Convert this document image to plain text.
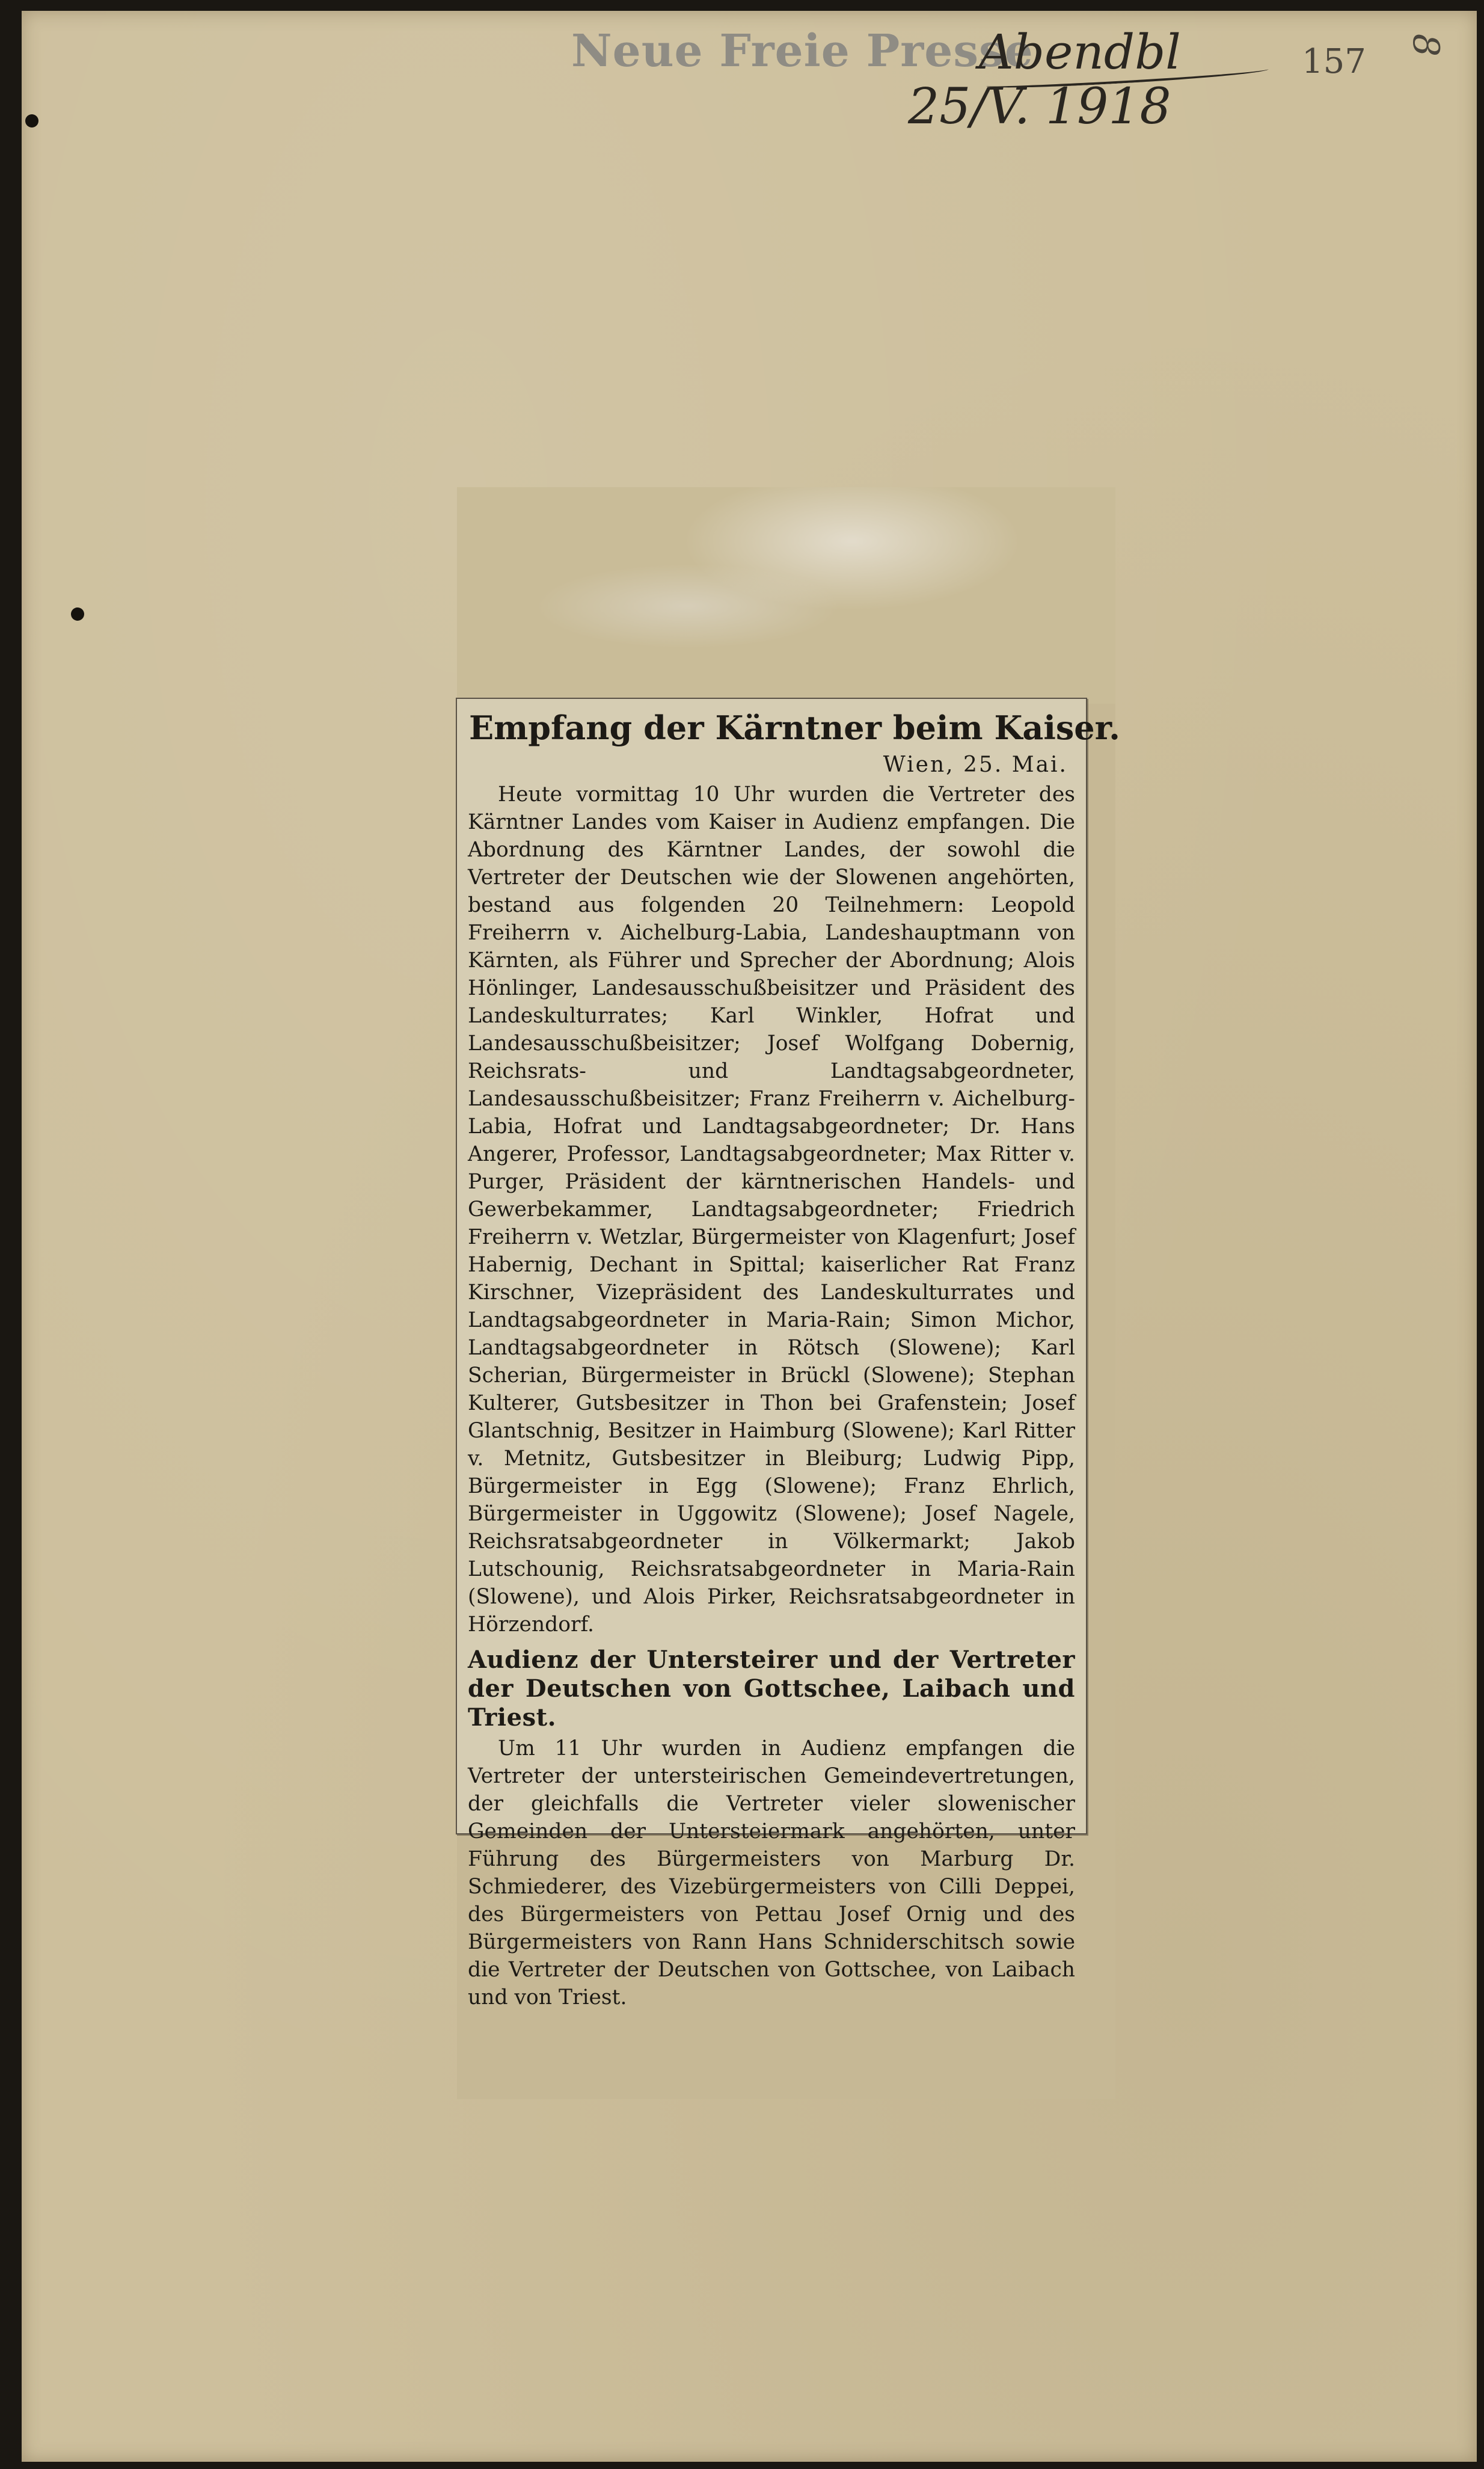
Neue Freie Presse
Abendbl
25/V. 1918
157 8
Empfang der Kärntner beim Kaiser.
Wien, 25. Mai.
Heute vormittag 10 Uhr wurden die Vertreter des Kärntner Landes vom Kaiser in Audienz empfangen. Die Abordnung des Kärntner Landes, der sowohl die Vertreter der Deutschen wie der Slowenen angehörten, bestand aus folgenden 20 Teilnehmern: Leopold Freiherrn v. Aichelburg-Labia, Landeshauptmann von Kärnten, als Führer und Sprecher der Abordnung; Alois Hönlinger, Landesausschußbeisitzer und Präsident des Landeskulturrates; Karl Winkler, Hofrat und Landesausschußbeisitzer; Josef Wolfgang Dobernig, Reichsrats- und Landtagsabgeordneter, Landesausschußbeisitzer; Franz Freiherrn v. Aichelburg-Labia, Hofrat und Landtagsabgeordneter; Dr. Hans Angerer, Professor, Landtagsabgeordneter; Max Ritter v. Purger, Präsident der kärntnerischen Handels- und Gewerbekammer, Landtagsabgeordneter; Friedrich Freiherrn v. Wetzlar, Bürgermeister von Klagenfurt; Josef Habernig, Dechant in Spittal; kaiserlicher Rat Franz Kirschner, Vizepräsident des Landeskulturrates und Landtagsabgeordneter in Maria-Rain; Simon Michor, Landtagsabgeordneter in Rötsch (Slowene); Karl Scherian, Bürgermeister in Brückl (Slowene); Stephan Kulterer, Gutsbesitzer in Thon bei Grafenstein; Josef Glantschnig, Besitzer in Haimburg (Slowene); Karl Ritter v. Metnitz, Gutsbesitzer in Bleiburg; Ludwig Pipp, Bürgermeister in Egg (Slowene); Franz Ehrlich, Bürgermeister in Uggowitz (Slowene); Josef Nagele, Reichsratsabgeordneter in Völkermarkt; Jakob Lutschounig, Reichsratsabgeordneter in Maria-Rain (Slowene), und Alois Pirker, Reichsratsabgeordneter in Hörzendorf.
Audienz der Untersteirer und der Vertreter der Deutschen von Gottschee, Laibach und Triest.
Um 11 Uhr wurden in Audienz empfangen die Vertreter der untersteirischen Gemeindevertretungen, der gleichfalls die Vertreter vieler slowenischer Gemeinden der Untersteiermark angehörten, unter Führung des Bürgermeisters von Marburg Dr. Schmiederer, des Vizebürgermeisters von Cilli Deppei, des Bürgermeisters von Pettau Josef Ornig und des Bürgermeisters von Rann Hans Schniderschitsch sowie die Vertreter der Deutschen von Gottschee, von Laibach und von Triest.
